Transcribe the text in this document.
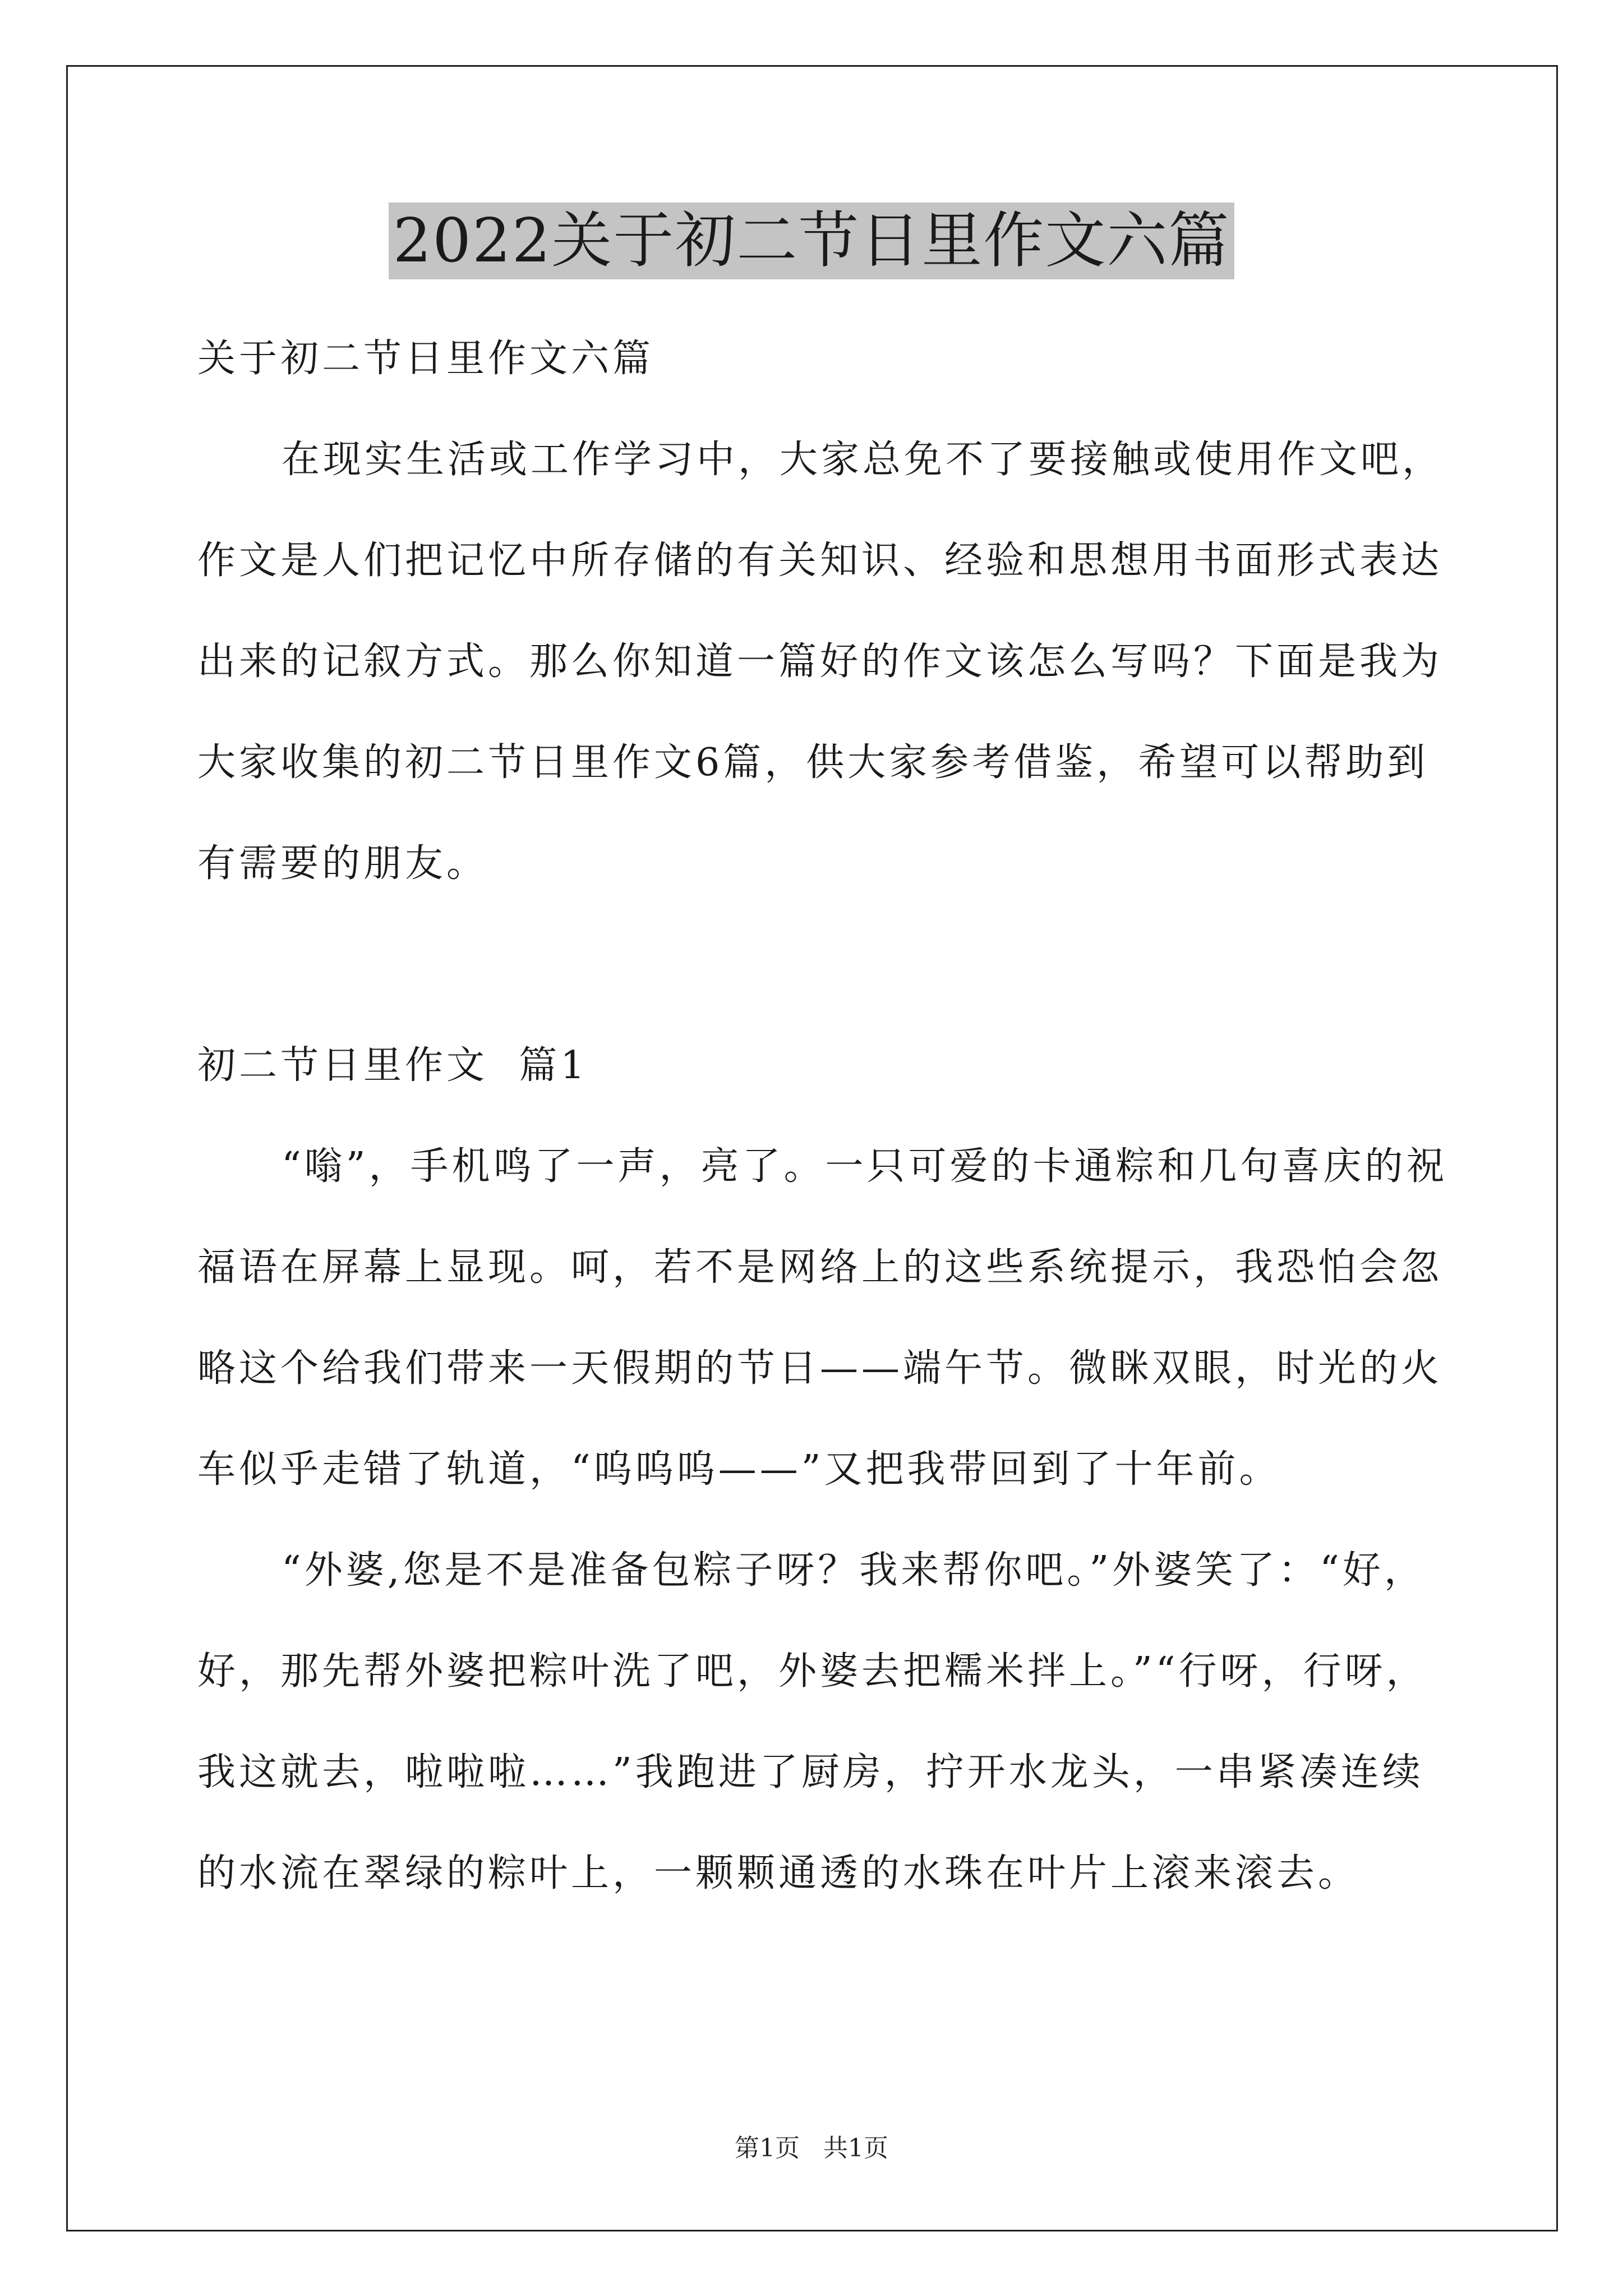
2022关于初二节日里作文六篇
关于初二节日里作文六篇
在现实生活或工作学习中，大家总免不了要接触或使用作文吧，
作文是人们把记忆中所存储的有关知识、经验和思想用书面形式表达
出来的记叙方式。那么你知道一篇好的作文该怎么写吗？下面是我为
大家收集的初二节日里作文6篇，供大家参考借鉴，希望可以帮助到
有需要的朋友。
初二节日里作文  篇1
“嗡”，手机鸣了一声，亮了。一只可爱的卡通粽和几句喜庆的祝
福语在屏幕上显现。呵，若不是网络上的这些系统提示，我恐怕会忽
略这个给我们带来一天假期的节日——端午节。微眯双眼，时光的火
车似乎走错了轨道，“呜呜呜——”又把我带回到了十年前。
“外婆,您是不是准备包粽子呀？我来帮你吧。”外婆笑了：“好，
好，那先帮外婆把粽叶洗了吧，外婆去把糯米拌上。”“行呀，行呀，
我这就去，啦啦啦……”我跑进了厨房，拧开水龙头，一串紧凑连续
的水流在翠绿的粽叶上，一颗颗通透的水珠在叶片上滚来滚去。
第1页   共1页
